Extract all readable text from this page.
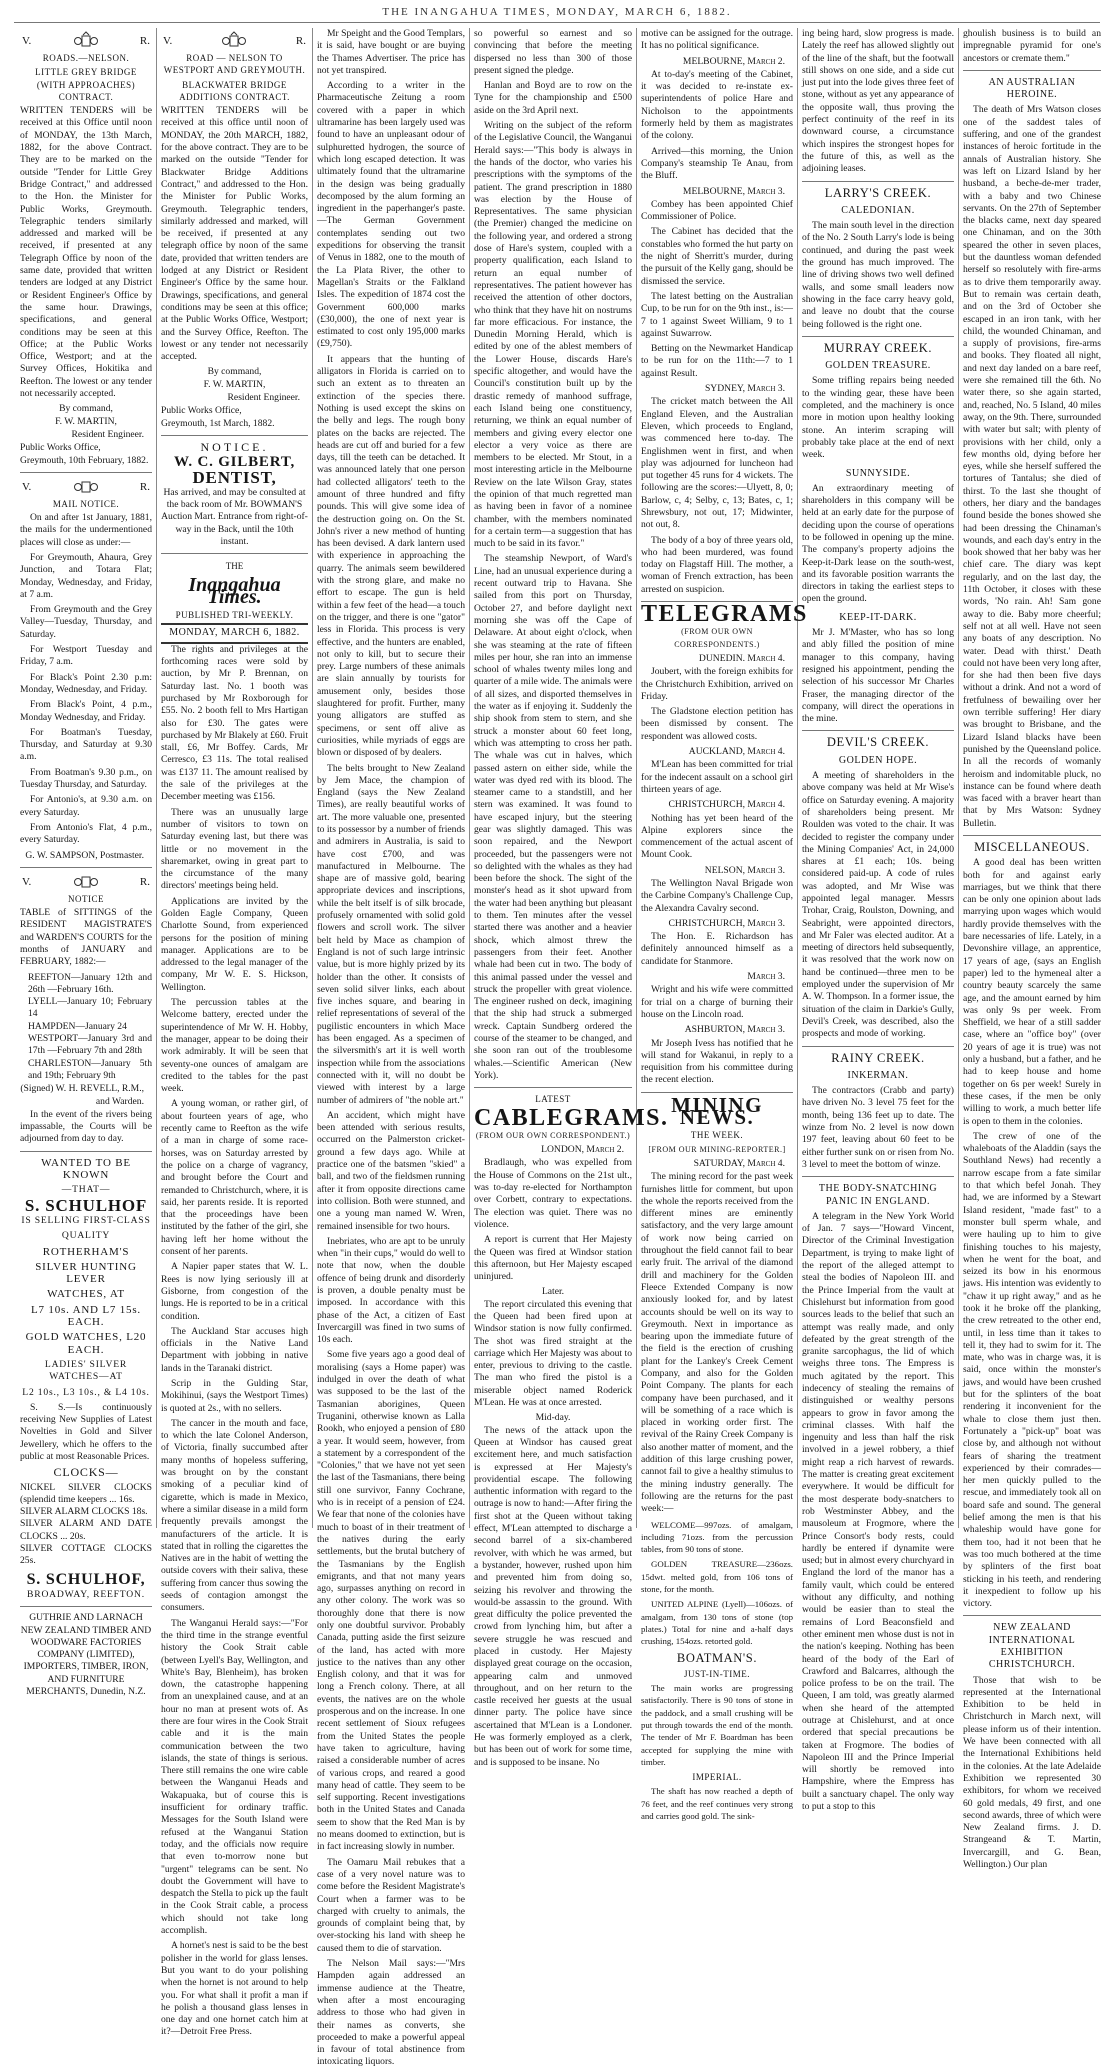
THE INANGAHUA TIMES, MONDAY, MARCH 6, 1882.
V.	R.
ROADS.—NELSON.
LITTLE GREY BRIDGE (WITH APPROACHES) CONTRACT.

WRITTEN TENDERS will be received at this Office until noon of MONDAY, the 13th March, 1882, for the above Contract. They are to be marked on the outside "Tender for Little Grey Bridge Contract," and addressed to the Hon. the Minister for Public Works, Greymouth. Telegraphic tenders similarly addressed and marked will be received, if presented at any Telegraph Office by noon of the same date, provided that written tenders are lodged at any District or Resident Engineer's Office by the same hour. Drawings, specifications, and general conditions may be seen at this Office; at the Public Works Office, Westport; and at the Survey Offices, Hokitika and Reefton. The lowest or any tender not necessarily accepted.

By command,
F. W. MARTIN,
Resident Engineer.
Public Works Office,
Greymouth, 10th February, 1882.
V.	R.
MAIL NOTICE.

On and after 1st January, 1881, the mails for the undermentioned places will close as under:—

For Greymouth, Ahaura, Grey Junction, and Totara Flat; Monday, Wednesday, and Friday, at 7 a.m.

From Greymouth and the Grey Valley—Tuesday, Thursday, and Saturday.

For Westport Tuesday and Friday, 7 a.m.

For Black's Point 2.30 p.m: Monday, Wednesday, and Friday.

From Black's Point, 4 p.m., Monday Wednesday, and Friday.

For Boatman's Tuesday, Thursday, and Saturday at 9.30 a.m.

From Boatman's 9.30 p.m., on Tuesday Thursday, and Saturday.

For Antonio's, at 9.30 a.m. on every Saturday.

From Antonio's Flat, 4 p.m., every Saturday.

G. W. SAMPSON, Postmaster.
V.	R.
NOTICE

TABLE of SITTINGS of the RESIDENT MAGISTRATE'S and WARDEN'S COURTS for the months of JANUARY and FEBRUARY, 1882:—

REEFTON—January 12th and 26th —February 16th.
LYELL—January 10; February 14
HAMPDEN—January 24
WESTPORT—January 3rd and 17th —February 7th and 28th
CHARLESTON—January 5th and 19th; February 9th
(Signed) W. H. REVELL, R.M., and Warden.

In the event of the rivers being impassable, the Courts will be adjourned from day to day.

WANTED TO BE KNOWN
—THAT—
S. SCHULHOF
IS SELLING FIRST-CLASS
QUALITY
ROTHERHAM'S
SILVER HUNTING LEVER
WATCHES, AT
L7 10s. AND L7 15s. EACH.
GOLD WATCHES, L20 EACH.
LADIES' SILVER WATCHES—AT
L2 10s., L3 10s., & L4 10s.

S. S.—Is continuously receiving New Supplies of Latest Novelties in Gold and Silver Jewellery, which he offers to the public at most Reasonable Prices.

CLOCKS—
NICKEL SILVER CLOCKS (splendid time keepers ... 16s.
SILVER ALARM CLOCKS 18s.
SILVER ALARM AND DATE CLOCKS ... 20s.
SILVER COTTAGE CLOCKS 25s.
S. SCHULHOF,
BROADWAY, REEFTON.

GUTHRIE AND LARNACH NEW ZEALAND TIMBER AND WOODWARE FACTORIES COMPANY (LIMITED), IMPORTERS, TIMBER, IRON, AND FURNITURE MERCHANTS, Dunedin, N.Z.

V.	R.
ROAD — NELSON TO WESTPORT AND GREYMOUTH.
BLACKWATER BRIDGE ADDITIONS CONTRACT.

WRITTEN TENDERS will be received at this office until noon of MONDAY, the 20th MARCH, 1882, for the above contract. They are to be marked on the outside "Tender for Blackwater Bridge Additions Contract," and addressed to the Hon. the Minister for Public Works, Greymouth. Telegraphic tenders, similarly addressed and marked, will be received, if presented at any telegraph office by noon of the same date, provided that written tenders are lodged at any District or Resident Engineer's Office by the same hour. Drawings, specifications, and general conditions may be seen at this office; at the Public Works Office, Westport; and the Survey Office, Reefton. The lowest or any tender not necessarily accepted.

By command,
F. W. MARTIN,
Resident Engineer.
Public Works Office,
Greymouth, 1st March, 1882.
NOTICE.
W. C. GILBERT,
DENTIST,

Has arrived, and may be consulted at the back room of Mr. BOWMAN'S Auction Mart. Entrance from right-of-way in the Back, until the 10th instant.

THE
Inangahua Times.
PUBLISHED TRI-WEEKLY.
MONDAY, MARCH 6, 1882.

The rights and privileges at the forthcoming races were sold by auction, by Mr P. Brennan, on Saturday last. No. 1 booth was purchased by Mr Roxborough for £55. No. 2 booth fell to Mrs Hartigan also for £30. The gates were purchased by Mr Blakely at £60. Fruit stall, £6, Mr Boffey. Cards, Mr Cerresco, £3 11s. The total realised was £137 11. The amount realised by the sale of the privileges at the December meeting was £156.

There was an unusually large number of visitors to town on Saturday evening last, but there was little or no movement in the sharemarket, owing in great part to the circumstance of the many directors' meetings being held.

Applications are invited by the Golden Eagle Company, Queen Charlotte Sound, from experienced persons for the position of mining manager. Applications are to be addressed to the legal manager of the company, Mr W. E. S. Hickson, Wellington.

The percussion tables at the Welcome battery, erected under the superintendence of Mr W. H. Hobby, the manager, appear to be doing their work admirably. It will be seen that seventy-one ounces of amalgam are credited to the tables for the past week.

A young woman, or rather girl, of about fourteen years of age, who recently came to Reefton as the wife of a man in charge of some race-horses, was on Saturday arrested by the police on a charge of vagrancy, and brought before the Court and remanded to Christchurch, where, it is said, her parents reside. It is reported that the proceedings have been instituted by the father of the girl, she having left her home without the consent of her parents.

A Napier paper states that W. L. Rees is now lying seriously ill at Gisborne, from congestion of the lungs. He is reported to be in a critical condition.

The Auckland Star accuses high officials in the Native Land Department with jobbing in native lands in the Taranaki district.

Scrip in the Gulding Star, Mokihinui, (says the Westport Times) is quoted at 2s., with no sellers.

The cancer in the mouth and face, to which the late Colonel Anderson, of Victoria, finally succumbed after many months of hopeless suffering, was brought on by the constant smoking of a peculiar kind of cigarette, which is made in Mexico, where a similar disease in a mild form frequently prevails amongst the manufacturers of the article. It is stated that in rolling the cigarettes the Natives are in the habit of wetting the outside covers with their saliva, these suffering from cancer thus sowing the seeds of contagion amongst the consumers.

The Wanganui Herald says:—"For the third time in the strange eventful history the Cook Strait cable (between Lyell's Bay, Wellington, and White's Bay, Blenheim), has broken down, the catastrophe happening from an unexplained cause, and at an hour no man at present wots of. As there are four wires in the Cook Strait cable and it is the main communication between the two islands, the state of things is serious. There still remains the one wire cable between the Wanganui Heads and Wakapuaka, but of course this is insufficient for ordinary traffic. Messages for the South Island were refused at the Wanganui Station today, and the officials now require that even to-morrow none but "urgent" telegrams can be sent. No doubt the Government will have to despatch the Stella to pick up the fault in the Cook Strait cable, a process which should not take long accomplish.

A hornet's nest is said to be the best polisher in the world for glass lenses. But you want to do your polishing when the hornet is not around to help you. For what shall it profit a man if he polish a thousand glass lenses in one day and one hornet catch him at it?—Detroit Free Press.

Mr Speight and the Good Templars, it is said, have bought or are buying the Thames Advertiser. The price has not yet transpired.

According to a writer in the Pharmaceutische Zeitung a room covered with a paper in which ultramarine has been largely used was found to have an unpleasant odour of sulphuretted hydrogen, the source of which long escaped detection. It was ultimately found that the ultramarine in the design was being gradually decomposed by the alum forming an ingredient in the paperhanger's paste.—The German Government contemplates sending out two expeditions for observing the transit of Venus in 1882, one to the mouth of the La Plata River, the other to Magellan's Straits or the Falkland Isles. The expedition of 1874 cost the Government 600,000 marks (£30,000), the one of next year is estimated to cost only 195,000 marks (£9,750).

It appears that the hunting of alligators in Florida is carried on to such an extent as to threaten an extinction of the species there. Nothing is used except the skins on the belly and legs. The rough bony plates on the backs are rejected. The heads are cut off and buried for a few days, till the teeth can be detached. It was announced lately that one person had collected alligators' teeth to the amount of three hundred and fifty pounds. This will give some idea of the destruction going on. On the St. John's river a new method of hunting has been devised. A dark lantern used with experience in approaching the quarry. The animals seem bewildered with the strong glare, and make no effort to escape. The gun is held within a few feet of the head—a touch on the trigger, and there is one "gator" less in Florida. This process is very effective, and the hunters are enabled, not only to kill, but to secure their prey. Large numbers of these animals are slain annually by tourists for amusement only, besides those slaughtered for profit. Further, many young alligators are stuffed as specimens, or sent off alive as curiosities, while myriads of eggs are blown or disposed of by dealers.

The belts brought to New Zealand by Jem Mace, the champion of England (says the New Zealand Times), are really beautiful works of art. The more valuable one, presented to its possessor by a number of friends and admirers in Australia, is said to have cost £700, and was manufactured in Melbourne. The shape are of massive gold, bearing appropriate devices and inscriptions, while the belt itself is of silk brocade, profusely ornamented with solid gold flowers and scroll work. The silver belt held by Mace as champion of England is not of such large intrinsic value, but is more highly prized by its holder than the other. It consists of seven solid silver links, each about five inches square, and bearing in relief representations of several of the pugilistic encounters in which Mace has been engaged. As a specimen of the silversmith's art it is well worth inspection while from the associations connected with it, will no doubt be viewed with interest by a large number of admirers of "the noble art."

An accident, which might have been attended with serious results, occurred on the Palmerston cricket-ground a few days ago. While at practice one of the batsmen "skied" a ball, and two of the fieldsmen running after it from opposite directions came into collision. Both were stunned, and one a young man named W. Wren, remained insensible for two hours.

Inebriates, who are apt to be unruly when "in their cups," would do well to note that now, when the double offence of being drunk and disorderly is proven, a double penalty must be imposed. In accordance with this phase of the Act, a citizen of East Invercargill was fined in two sums of 10s each.

Some five years ago a good deal of moralising (says a Home paper) was indulged in over the death of what was supposed to be the last of the Tasmanian aborigines, Queen Truganini, otherwise known as Lalla Rookh, who enjoyed a pension of £80 a year. It would seem, however, from a statement by a correspondent of the "Colonies," that we have not yet seen the last of the Tasmanians, there being still one survivor, Fanny Cochrane, who is in receipt of a pension of £24. We fear that none of the colonies have much to boast of in their treatment of the natives during the early settlements, but the brutal butchery of the Tasmanians by the English emigrants, and that not many years ago, surpasses anything on record in any other colony. The work was so thoroughly done that there is now only one doubtful survivor. Probably Canada, putting aside the first seizure of the land, has acted with more justice to the natives than any other English colony, and that it was for long a French colony. There, at all events, the natives are on the whole prosperous and on the increase. In one recent settlement of Sioux refugees from the United States the people have taken to agriculture, having raised a considerable number of acres of various crops, and reared a good many head of cattle. They seem to be self supporting. Recent investigations both in the United States and Canada seem to show that the Red Man is by no means doomed to extinction, but is in fact increasing slowly in number.

The Oamaru Mail rebukes that a case of a very novel nature was to come before the Resident Magistrate's Court when a farmer was to be charged with cruelty to animals, the grounds of complaint being that, by over-stocking his land with sheep he caused them to die of starvation.

The Nelson Mail says:—"Mrs Hampden again addressed an immense audience at the Theatre, when after a most encouraging address to those who had given in their names as converts, she proceeded to make a powerful appeal in favour of total abstinence from intoxicating liquors.

so powerful so earnest and so convincing that before the meeting dispersed no less than 300 of those present signed the pledge.

Hanlan and Boyd are to row on the Tyne for the championship and £500 aside on the 3rd April next.

Writing on the subject of the reform of the Legislative Council, the Wanganui Herald says:—"This body is always in the hands of the doctor, who varies his prescriptions with the symptoms of the patient. The grand prescription in 1880 was election by the House of Representatives. The same physician (the Premier) changed the medicine on the following year, and ordered a strong dose of Hare's system, coupled with a property qualification, each Island to return an equal number of representatives. The patient however has received the attention of other doctors, who think that they have hit on nostrums far more efficacious. For instance, the Dunedin Morning Herald, which is edited by one of the ablest members of the Lower House, discards Hare's specific altogether, and would have the Council's constitution built up by the drastic remedy of manhood suffrage, each Island being one constituency, returning, we think an equal number of members and giving every elector one elector a very voice as there are members to be elected. Mr Stout, in a most interesting article in the Melbourne Review on the late Wilson Gray, states the opinion of that much regretted man as having been in favor of a nominee chamber, with the members nominated for a certain term—a suggestion that has much to be said in its favor."

The steamship Newport, of Ward's Line, had an unusual experience during a recent outward trip to Havana. She sailed from this port on Thursday, October 27, and before daylight next morning she was off the Cape of Delaware. At about eight o'clock, when she was steaming at the rate of fifteen miles per hour, she ran into an immense school of whales twenty miles long and quarter of a mile wide. The animals were of all sizes, and disported themselves in the water as if enjoying it. Suddenly the ship shook from stem to stern, and she struck a monster about 60 feet long, which was attempting to cross her path. The whale was cut in halves, which passed astern on either side, while the water was dyed red with its blood. The steamer came to a standstill, and her stern was examined. It was found to have escaped injury, but the steering gear was slightly damaged. This was soon repaired, and the Newport proceeded, but the passengers were not so delighted with the whales as they had been before the shock. The sight of the monster's head as it shot upward from the water had been anything but pleasant to them. Ten minutes after the vessel started there was another and a heavier shock, which almost threw the passengers from their feet. Another whale had been cut in two. The body of this animal passed under the vessel and struck the propeller with great violence. The engineer rushed on deck, imagining that the ship had struck a submerged wreck. Captain Sundberg ordered the course of the steamer to be changed, and she soon ran out of the troublesome whales.—Scientific American (New York).

LATEST
CABLEGRAMS.
(FROM OUR OWN CORRESPONDENT.)
LONDON, March 2.

Bradlaugh, who was expelled from the House of Commons on the 21st ult., was to-day re-elected for Northampton over Corbett, contrary to expectations. The election was quiet. There was no violence.

A report is current that Her Majesty the Queen was fired at Windsor station this afternoon, but Her Majesty escaped uninjured.

Later.

The report circulated this evening that the Queen had been fired upon at Windsor station is now fully confirmed. The shot was fired straight at the carriage which Her Majesty was about to enter, previous to driving to the castle. The man who fired the pistol is a miserable object named Roderick M'Lean. He was at once arrested.

Mid-day.

The news of the attack upon the Queen at Windsor has caused great excitement here, and much satisfaction is expressed at Her Majesty's providential escape. The following authentic information with regard to the outrage is now to hand:—After firing the first shot at the Queen without taking effect, M'Lean attempted to discharge a second barrel of a six-chambered revolver, with which he was armed, but a bystander, however, rushed upon him and prevented him from doing so, seizing his revolver and throwing the would-be assassin to the ground. With great difficulty the police prevented the crowd from lynching him, but after a severe struggle he was rescued and placed in custody. Her Majesty displayed great courage on the occasion, appearing calm and unmoved throughout, and on her return to the castle received her guests at the usual dinner party. The police have since ascertained that M'Lean is a Londoner. He was formerly employed as a clerk, but has been out of work for some time, and is supposed to be insane. No

motive can be assigned for the outrage. It has no political significance.

MELBOURNE, March 2.

At to-day's meeting of the Cabinet, it was decided to re-instate ex-superintendents of police Hare and Nicholson to the appointments formerly held by them as magistrates of the colony.

Arrived—this morning, the Union Company's steamship Te Anau, from the Bluff.

MELBOURNE, March 3.

Combey has been appointed Chief Commissioner of Police.

The Cabinet has decided that the constables who formed the hut party on the night of Sherritt's murder, during the pursuit of the Kelly gang, should be dismissed the service.

The latest betting on the Australian Cup, to be run for on the 9th inst., is:—7 to 1 against Sweet William, 9 to 1 against Suwarrow.

Betting on the Newmarket Handicap to be run for on the 11th:—7 to 1 against Result.

SYDNEY, March 3.

The cricket match between the All England Eleven, and the Australian Eleven, which proceeds to England, was commenced here to-day. The Englishmen went in first, and when play was adjourned for luncheon had put together 45 runs for 4 wickets. The following are the scores:—Ulyett, 8, 0; Barlow, c, 4; Selby, c, 13; Bates, c, 1; Shrewsbury, not out, 17; Midwinter, not out, 8.

The body of a boy of three years old, who had been murdered, was found today on Flagstaff Hill. The mother, a woman of French extraction, has been arrested on suspicion.

TELEGRAMS
(FROM OUR OWN CORRESPONDENTS.)
DUNEDIN. March 4.

Joubert, with the foreign exhibits for the Christchurch Exhibition, arrived on Friday.

The Gladstone election petition has been dismissed by consent. The respondent was allowed costs.

AUCKLAND, March 4.

M'Lean has been committed for trial for the indecent assault on a school girl thirteen years of age.

CHRISTCHURCH, March 4.

Nothing has yet been heard of the Alpine explorers since the commencement of the actual ascent of Mount Cook.

NELSON, March 3.

The Wellington Naval Brigade won the Carbine Company's Challenge Cup, the Alexandra Cavalry second.

CHRISTCHURCH, March 3.

The Hon. E. Richardson has definitely announced himself as a candidate for Stanmore.

March 3.

Wright and his wife were committed for trial on a charge of burning their house on the Lincoln road.

ASHBURTON, March 3.

Mr Joseph Ivess has notified that he will stand for Wakanui, in reply to a requisition from his committee during the recent election.

MINING NEWS.
THE WEEK.
[FROM OUR MINING-REPORTER.]
SATURDAY, March 4.

The mining record for the past week furnishes little for comment, but upon the whole the reports received from the different mines are eminently satisfactory, and the very large amount of work now being carried on throughout the field cannot fail to bear early fruit. The arrival of the diamond drill and machinery for the Golden Fleece Extended Company is now anxiously looked for, and by latest accounts should be well on its way to Greymouth. Next in importance as bearing upon the immediate future of the field is the erection of crushing plant for the Lankey's Creek Cement Company, and also for the Golden Point Company. The plants for each company have been purchased, and it will be something of a race which is placed in working order first. The revival of the Rainy Creek Company is also another matter of moment, and the addition of this large crushing power, cannot fail to give a healthy stimulus to the mining industry generally. The following are the returns for the past week:—

WELCOME—997ozs. of amalgam, including 71ozs. from the percussion tables, from 90 tons of stone.

GOLDEN TREASURE—236ozs. 15dwt. melted gold, from 106 tons of stone, for the month.

UNITED ALPINE (Lyell)—106ozs. of amalgam, from 130 tons of stone (top plates.) Total for nine and a-half days crushing, 154ozs. retorted gold.

BOATMAN'S.
JUST-IN-TIME.

The main works are progressing satisfactorily. There is 90 tons of stone in the paddock, and a small crushing will be put through towards the end of the month. The tender of Mr F. Boardman has been accepted for supplying the mine with timber.

IMPERIAL.

The shaft has now reached a depth of 76 feet, and the reef continues very strong and carries good gold. The sink-

ing being hard, slow progress is made. Lately the reef has allowed slightly out of the line of the shaft, but the footwall still shows on one side, and a side cut just put into the lode gives three feet of stone, without as yet any appearance of the opposite wall, thus proving the perfect continuity of the reef in its downward course, a circumstance which inspires the strongest hopes for the future of this, as well as the adjoining leases.

LARRY'S CREEK.
CALEDONIAN.

The main south level in the direction of the No. 2 South Larry's lode is being continued, and during the past week the ground has much improved. The line of driving shows two well defined walls, and some small leaders now showing in the face carry heavy gold, and leave no doubt that the course being followed is the right one.

MURRAY CREEK.
GOLDEN TREASURE.

Some trifling repairs being needed to the winding gear, these have been completed, and the machinery is once more in motion upon healthy looking stone. An interim scraping will probably take place at the end of next week.

SUNNYSIDE.

An extraordinary meeting of shareholders in this company will be held at an early date for the purpose of deciding upon the course of operations to be followed in opening up the mine. The company's property adjoins the Keep-it-Dark lease on the south-west, and its favorable position warrants the directors in taking the earliest steps to open the ground.

KEEP-IT-DARK.

Mr J. M'Master, who has so long and ably filled the position of mine manager to this company, having resigned his appointment, pending the selection of his successor Mr Charles Fraser, the managing director of the company, will direct the operations in the mine.

DEVIL'S CREEK.
GOLDEN HOPE.

A meeting of shareholders in the above company was held at Mr Wise's office on Saturday evening. A majority of shareholders being present. Mr Roulden was voted to the chair. It was decided to register the company under the Mining Companies' Act, in 24,000 shares at £1 each; 10s. being considered paid-up. A code of rules was adopted, and Mr Wise was appointed legal manager. Messrs Trohar, Craig, Roulston, Downing, and Seabright, were appointed directors, and Mr Faler was elected auditor. At a meeting of directors held subsequently, it was resolved that the work now on hand be continued—three men to be employed under the supervision of Mr A. W. Thompson. In a former issue, the situation of the claim in Darkie's Gully, Devil's Creek, was described, also the prospects and mode of working.

RAINY CREEK.
INKERMAN.

The contractors (Crabb and party) have driven No. 3 level 75 feet for the month, being 136 feet up to date. The winze from No. 2 level is now down 197 feet, leaving about 60 feet to be either further sunk on or risen from No. 3 level to meet the bottom of winze.

THE BODY-SNATCHING PANIC IN ENGLAND.

A telegram in the New York World of Jan. 7 says—"Howard Vincent, Director of the Criminal Investigation Department, is trying to make light of the report of the alleged attempt to steal the bodies of Napoleon III. and the Prince Imperial from the vault at Chislehurst but information from good sources leads to the belief that such an attempt was really made, and only defeated by the great strength of the granite sarcophagus, the lid of which weighs three tons. The Empress is much agitated by the report. This indecency of stealing the remains of distinguished or wealthy persons appears to grow in favor among the criminal classes. With half the ingenuity and less than half the risk involved in a jewel robbery, a thief might reap a rich harvest of rewards. The matter is creating great excitement everywhere. It would be difficult for the most desperate body-snatchers to rob Westminster Abbey, and the mausoleum at Frogmore, where the Prince Consort's body rests, could hardly be entered if dynamite were used; but in almost every churchyard in England the lord of the manor has a family vault, which could be entered without any difficulty, and nothing would be easier than to steal the remains of Lord Beaconsfield and other eminent men whose dust is not in the nation's keeping. Nothing has been heard of the body of the Earl of Crawford and Balcarres, although the police profess to be on the trail. The Queen, I am told, was greatly alarmed when she heard of the attempted outrage at Chislehurst, and at once ordered that special precautions be taken at Frogmore. The bodies of Napoleon III and the Prince Imperial will shortly be removed into Hampshire, where the Empress has built a sanctuary chapel. The only way to put a stop to this

ghoulish business is to build an impregnable pyramid for one's ancestors or cremate them."

AN AUSTRALIAN HEROINE.

The death of Mrs Watson closes one of the saddest tales of suffering, and one of the grandest instances of heroic fortitude in the annals of Australian history. She was left on Lizard Island by her husband, a beche-de-mer trader, with a baby and two Chinese servants. On the 27th of September the blacks came, next day speared one Chinaman, and on the 30th speared the other in seven places, but the dauntless woman defended herself so resolutely with fire-arms as to drive them temporarily away. But to remain was certain death, and on the 3rd of October she escaped in an iron tank, with her child, the wounded Chinaman, and a supply of provisions, fire-arms and books. They floated all night, and next day landed on a bare reef, were she remained till the 6th. No water there, so she again started, and, reached, No. 5 Island, 40 miles away, on the 9th. There, surrounded with water but salt; with plenty of provisions with her child, only a few months old, dying before her eyes, while she herself suffered the tortures of Tantalus; she died of thirst. To the last she thought of others, her diary and the bandages found beside the bones showed she had been dressing the Chinaman's wounds, and each day's entry in the book showed that her baby was her chief care. The diary was kept regularly, and on the last day, the 11th October, it closes with these words, 'No rain. Ah! Sam gone away to die. Baby more cheerful; self not at all well. Have not seen any boats of any description. No water. Dead with thirst.' Death could not have been very long after, for she had then been five days without a drink. And not a word of fretfulness of bewailing over her own terrible suffering! Her diary was brought to Brisbane, and the Lizard Island blacks have been punished by the Queensland police. In all the records of womanly heroism and indomitable pluck, no instance can be found where death was faced with a braver heart than that by Mrs Watson: Sydney Bulletin.

MISCELLANEOUS.

A good deal has been written both for and against early marriages, but we think that there can be only one opinion about lads marrying upon wages which would hardly provide themselves with the bare necessaries of life. Lately, in a Devonshire village, an apprentice, 17 years of age, (says an English paper) led to the hymeneal alter a country beauty scarcely the same age, and the amount earned by him was only 9s per week. From Sheffield, we hear of a still sadder case, where an "office boy" (over 20 years of age it is true) was not only a husband, but a father, and he had to keep house and home together on 6s per week! Surely in these cases, if the men be only willing to work, a much better life is open to them in the colonies.

The crew of one of the whaleboats of the Aladdin (says the Southland News) had recently a narrow escape from a fate similar to that which befel Jonah. They had, we are informed by a Stewart Island resident, "made fast" to a monster bull sperm whale, and were hauling up to him to give finishing touches to his majesty, when he went for the boat, and seized its bow in his enormous jaws. His intention was evidently to "chaw it up right away," and as he took it he broke off the planking, the crew retreated to the other end, until, in less time than it takes to tell it, they had to swim for it. The mate, who was in charge was, it is said, once within the monster's jaws, and would have been crushed but for the splinters of the boat rendering it inconvenient for the whale to close them just then. Fortunately a "pick-up" boat was close by, and although not without fears of sharing the treatment experienced by their comrades—her men quickly pulled to the rescue, and immediately took all on board safe and sound. The general belief among the men is that his whaleship would have gone for them too, had it not been that he was too much bothered at the time by splinters of the first boat sticking in his teeth, and rendering it inexpedient to follow up his victory.

NEW ZEALAND INTERNATIONAL EXHIBITION CHRISTCHURCH.

Those that wish to be represented at the International Exhibition to be held in Christchurch in March next, will please inform us of their intention. We have been connected with all the International Exhibitions held in the colonies. At the late Adelaide Exhibition we represented 30 exhibitors, for whom we received 60 gold medals, 49 first, and one second awards, three of which were New Zealand firms. J. D. Strangeand & T. Martin, Invercargill, and G. Bean, Wellington.) Our plan
